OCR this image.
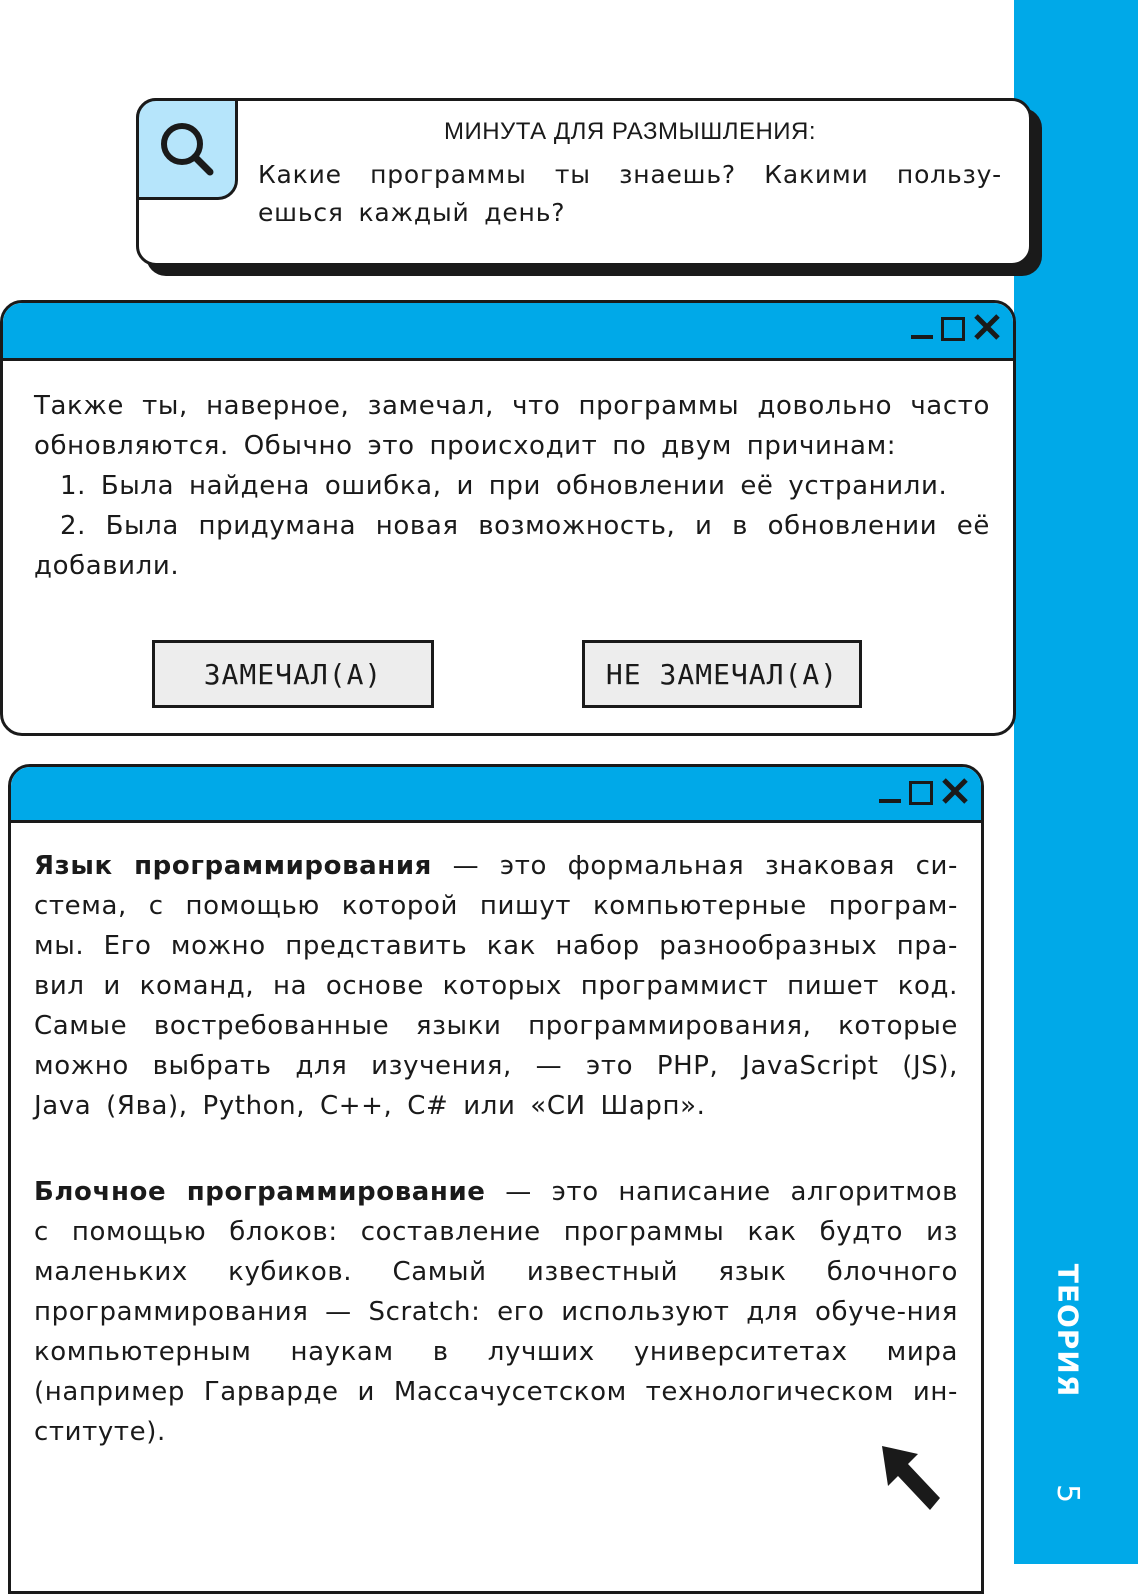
ТЕОРИЯ
5
МИНУТА ДЛЯ РАЗМЫШЛЕНИЯ:
Какие программы ты знаешь? Какими пользу-ешься каждый день?

Также ты, наверное, замечал, что программы довольно часто обновляются. Обычно это происходит по двум причинам:

1. Была найдена ошибка, и при обновлении её устранили.

2. Была придумана новая возможность, и в обновлении её добавили.

ЗАМЕЧАЛ(А)	НЕ ЗАМЕЧАЛ(А)
Язык программирования — это формальная знаковая си-стема, с помощью которой пишут компьютерные програм-мы. Его можно представить как набор разнообразных пра-вил и команд, на основе которых программист пишет код. Самые востребованные языки программирования, которые можно выбрать для изучения, — это PHP, JavaScript (JS), Java (Ява), Python, C++, C# или «СИ Шарп».
Блочное программирование — это написание алгоритмов с помощью блоков: составление программы как будто из маленьких кубиков. Самый известный язык блочного программирования — Scratch: его используют для обуче-ния компьютерным наукам в лучших университетах мира (например Гарварде и Массачусетском технологическом ин-ституте).
